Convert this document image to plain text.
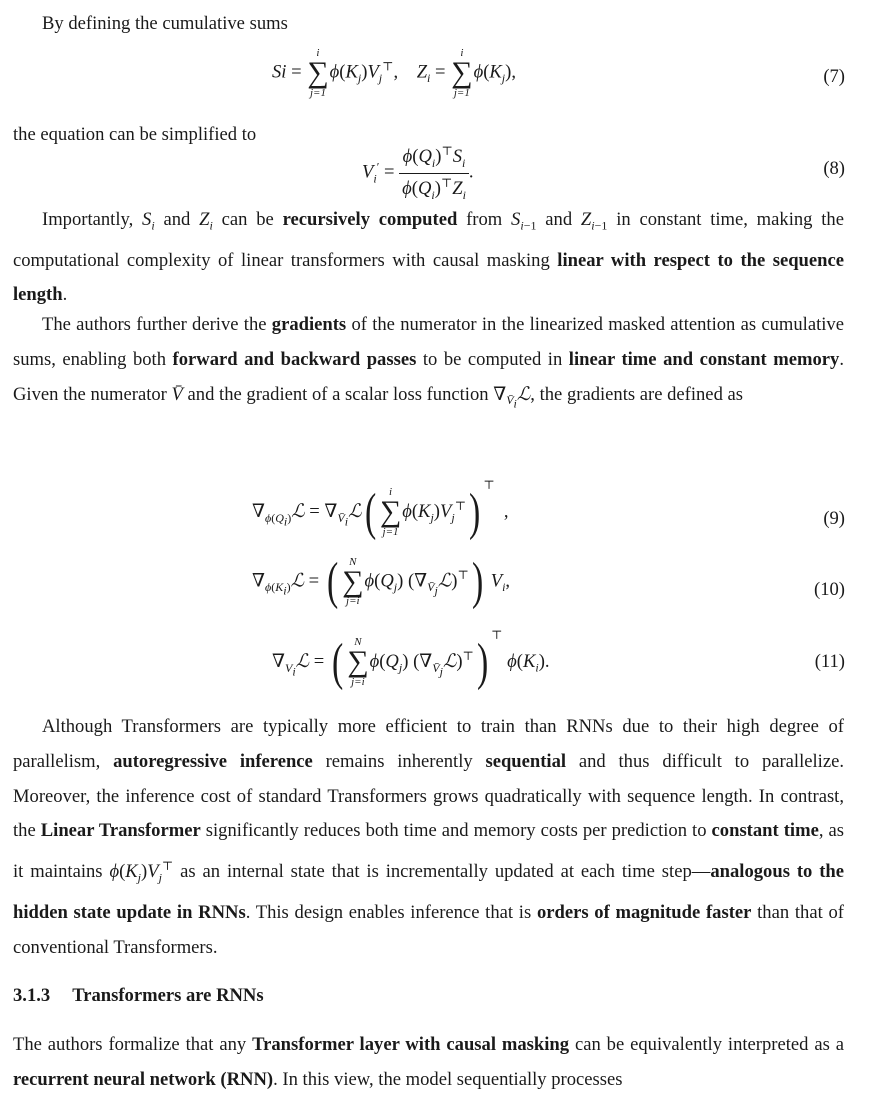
By defining the cumulative sums

Si =
i
∑
j=1
$\phi(K_j)V_j^⊤$,    $Z_i$ =
i
∑
j=1
$\phi(K_j)$,	(7)

the equation can be simplified to

$V_i' = \frac{\phi(Q_i)^⊤S_i}{\phi(Q_i)^⊤Z_i}$ .	(8)

Importantly, $S_i$ and $Z_i$ can be recursively computed from $S_{i-1}$ and $Z_{i-1}$ in constant time, making the computational complexity of linear transformers with causal masking linear with respect to the sequence length.

The authors further derive the gradients of the numerator in the linearized masked attention as cumulative sums, enabling both forward and backward passes to be computed in linear time and constant memory. Given the numerator V̄ and the gradient of a scalar loss function $\nabla_{V̄_i}ℒ$, the gradients are defined as

$\nabla_{\phi(Q_i)}ℒ$ = $\nabla_{V̄_i}ℒ$( i
∑
j=1
$\phi(K_j)V_j^⊤$) ⊤  ,	(9)
$\nabla_{\phi(K_i)}ℒ$ = ( N
∑
j=i
$\phi(Q_j)$ $(\nabla_{V̄_j}ℒ)^⊤$) $V_i$,	(10)
$\nabla_{V_i}ℒ$ = ( N
∑
j=i
$\phi(Q_j)$ $(\nabla_{V̄_j}ℒ)^⊤$) ⊤ $\phi(K_i)$.	(11)

Although Transformers are typically more efficient to train than RNNs due to their high degree of parallelism, autoregressive inference remains inherently sequential and thus difficult to parallelize. Moreover, the inference cost of standard Transformers grows quadratically with sequence length. In contrast, the Linear Transformer significantly reduces both time and memory costs per prediction to constant time, as it maintains $\phi(K_j)V_j^⊤$ as an internal state that is incrementally updated at each time step—analogous to the hidden state update in RNNs. This design enables inference that is orders of magnitude faster than that of conventional Transformers.

3.1.3 Transformers are RNNs

The authors formalize that any Transformer layer with causal masking can be equivalently interpreted as a recurrent neural network (RNN). In this view, the model sequentially processes
